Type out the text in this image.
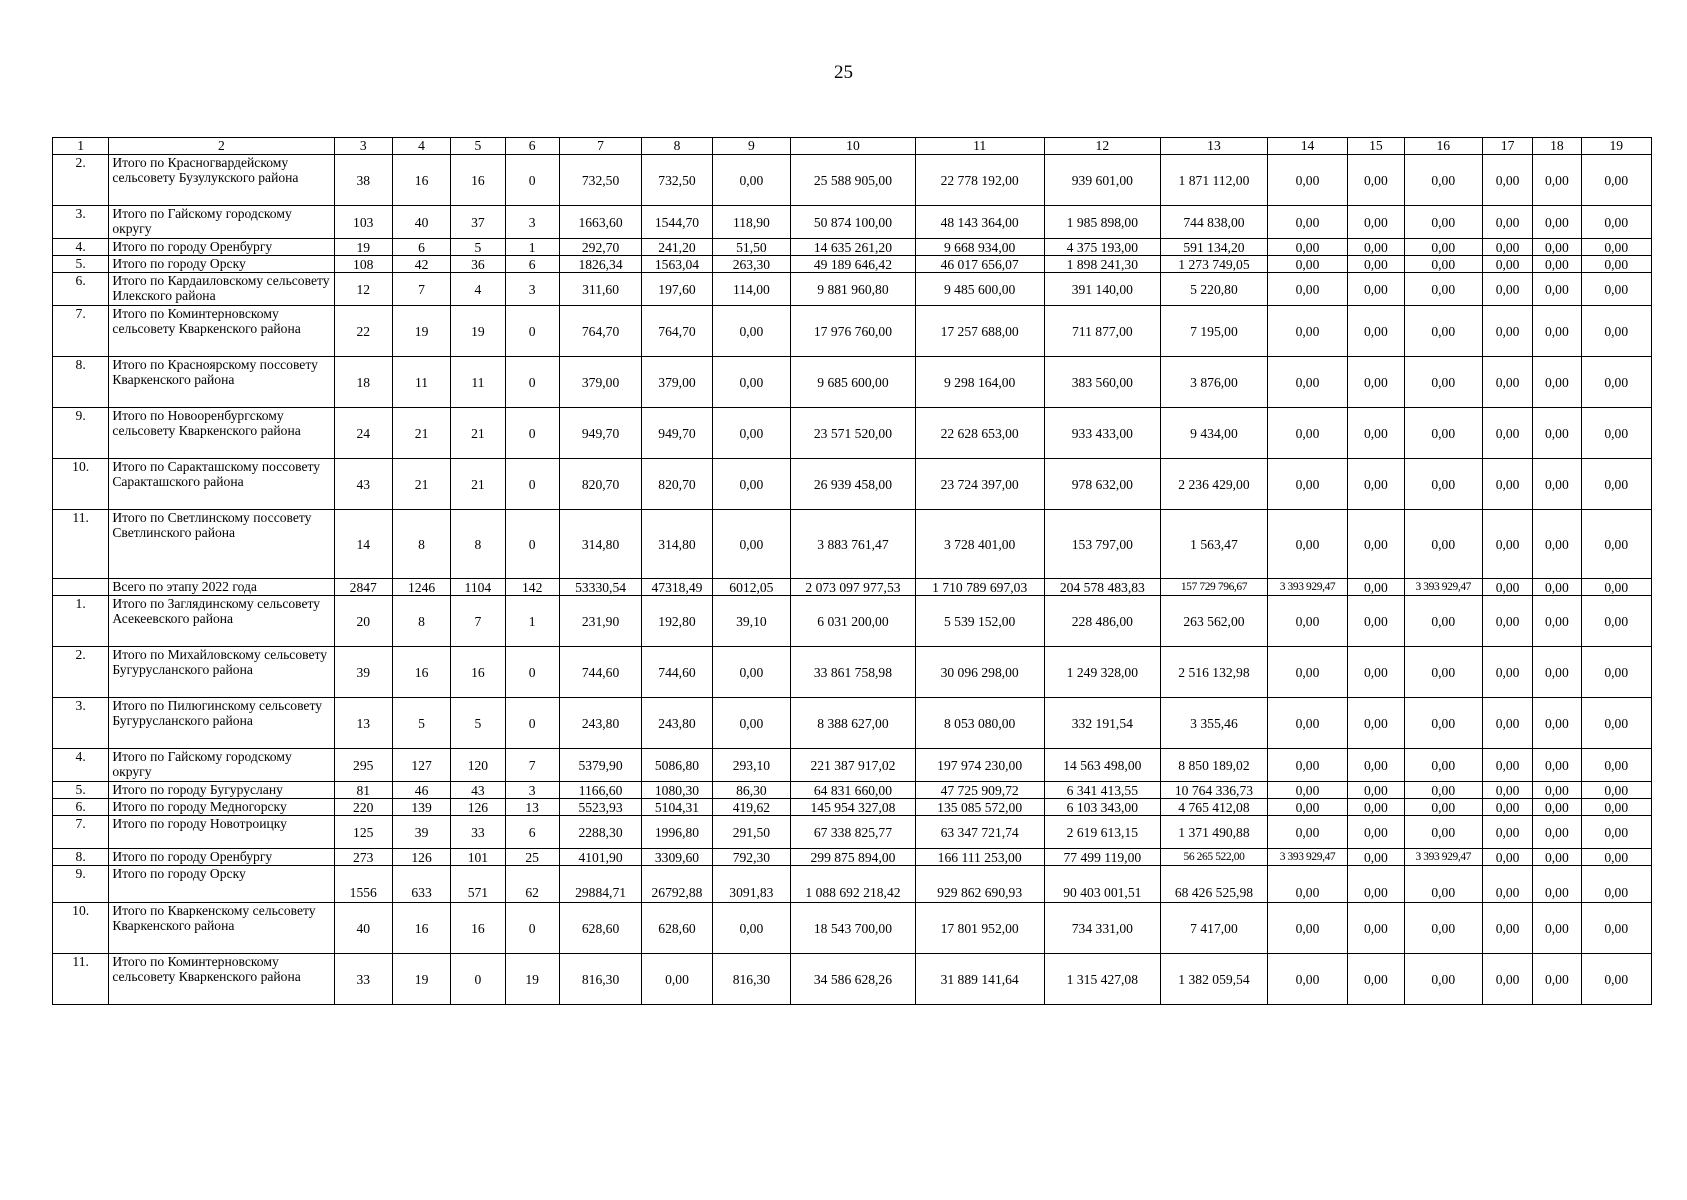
25
1	2	3	4	5	6	7	8	9	10	11	12	13	14	15	16	17	18	19
2.	Итого по Красногвардейскому сельсовету Бузулукского района	38	16	16	0	732,50	732,50	0,00	25 588 905,00	22 778 192,00	939 601,00	1 871 112,00	0,00	0,00	0,00	0,00	0,00	0,00
3.	Итого по Гайскому городскому округу	103	40	37	3	1663,60	1544,70	118,90	50 874 100,00	48 143 364,00	1 985 898,00	744 838,00	0,00	0,00	0,00	0,00	0,00	0,00
4.	Итого по городу Оренбургу	19	6	5	1	292,70	241,20	51,50	14 635 261,20	9 668 934,00	4 375 193,00	591 134,20	0,00	0,00	0,00	0,00	0,00	0,00
5.	Итого по городу Орску	108	42	36	6	1826,34	1563,04	263,30	49 189 646,42	46 017 656,07	1 898 241,30	1 273 749,05	0,00	0,00	0,00	0,00	0,00	0,00
6.	Итого по Кардаиловскому сельсовету Илекского района	12	7	4	3	311,60	197,60	114,00	9 881 960,80	9 485 600,00	391 140,00	5 220,80	0,00	0,00	0,00	0,00	0,00	0,00
7.	Итого по Коминтерновскому сельсовету Кваркенского района	22	19	19	0	764,70	764,70	0,00	17 976 760,00	17 257 688,00	711 877,00	7 195,00	0,00	0,00	0,00	0,00	0,00	0,00
8.	Итого по Красноярскому поссовету Кваркенского района	18	11	11	0	379,00	379,00	0,00	9 685 600,00	9 298 164,00	383 560,00	3 876,00	0,00	0,00	0,00	0,00	0,00	0,00
9.	Итого по Новооренбургскому сельсовету Кваркенского района	24	21	21	0	949,70	949,70	0,00	23 571 520,00	22 628 653,00	933 433,00	9 434,00	0,00	0,00	0,00	0,00	0,00	0,00
10.	Итого по Саракташскому поссовету Саракташского района	43	21	21	0	820,70	820,70	0,00	26 939 458,00	23 724 397,00	978 632,00	2 236 429,00	0,00	0,00	0,00	0,00	0,00	0,00
11.	Итого по Светлинскому поссовету Светлинского района	14	8	8	0	314,80	314,80	0,00	3 883 761,47	3 728 401,00	153 797,00	1 563,47	0,00	0,00	0,00	0,00	0,00	0,00
	Всего по этапу 2022 года	2847	1246	1104	142	53330,54	47318,49	6012,05	2 073 097 977,53	1 710 789 697,03	204 578 483,83	157 729 796,67	3 393 929,47	0,00	3 393 929,47	0,00	0,00	0,00
1.	Итого по Заглядинскому сельсовету Асекеевского района	20	8	7	1	231,90	192,80	39,10	6 031 200,00	5 539 152,00	228 486,00	263 562,00	0,00	0,00	0,00	0,00	0,00	0,00
2.	Итого по Михайловскому сельсовету Бугурусланского района	39	16	16	0	744,60	744,60	0,00	33 861 758,98	30 096 298,00	1 249 328,00	2 516 132,98	0,00	0,00	0,00	0,00	0,00	0,00
3.	Итого по Пилюгинскому сельсовету Бугурусланского района	13	5	5	0	243,80	243,80	0,00	8 388 627,00	8 053 080,00	332 191,54	3 355,46	0,00	0,00	0,00	0,00	0,00	0,00
4.	Итого по Гайскому городскому округу	295	127	120	7	5379,90	5086,80	293,10	221 387 917,02	197 974 230,00	14 563 498,00	8 850 189,02	0,00	0,00	0,00	0,00	0,00	0,00
5.	Итого по городу Бугуруслану	81	46	43	3	1166,60	1080,30	86,30	64 831 660,00	47 725 909,72	6 341 413,55	10 764 336,73	0,00	0,00	0,00	0,00	0,00	0,00
6.	Итого по городу Медногорску	220	139	126	13	5523,93	5104,31	419,62	145 954 327,08	135 085 572,00	6 103 343,00	4 765 412,08	0,00	0,00	0,00	0,00	0,00	0,00
7.	Итого по городу Новотроицку	125	39	33	6	2288,30	1996,80	291,50	67 338 825,77	63 347 721,74	2 619 613,15	1 371 490,88	0,00	0,00	0,00	0,00	0,00	0,00
8.	Итого по городу Оренбургу	273	126	101	25	4101,90	3309,60	792,30	299 875 894,00	166 111 253,00	77 499 119,00	56 265 522,00	3 393 929,47	0,00	3 393 929,47	0,00	0,00	0,00
9.	Итого по городу Орску	1556	633	571	62	29884,71	26792,88	3091,83	1 088 692 218,42	929 862 690,93	90 403 001,51	68 426 525,98	0,00	0,00	0,00	0,00	0,00	0,00
10.	Итого по Кваркенскому сельсовету Кваркенского района	40	16	16	0	628,60	628,60	0,00	18 543 700,00	17 801 952,00	734 331,00	7 417,00	0,00	0,00	0,00	0,00	0,00	0,00
11.	Итого по Коминтерновскому сельсовету Кваркенского района	33	19	0	19	816,30	0,00	816,30	34 586 628,26	31 889 141,64	1 315 427,08	1 382 059,54	0,00	0,00	0,00	0,00	0,00	0,00
